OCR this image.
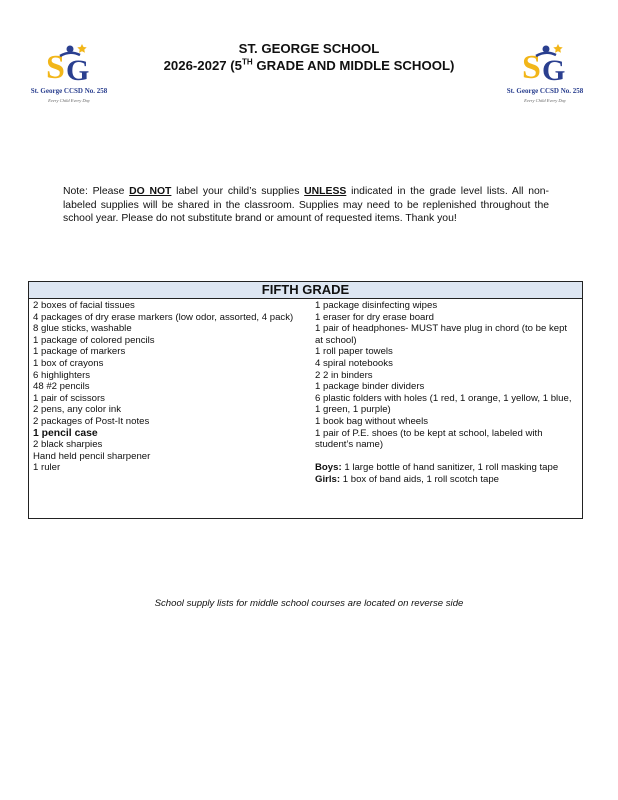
S G
St. George CCSD No. 258
Every Child Every Day
S G
St. George CCSD No. 258
Every Child Every Day
ST. GEORGE SCHOOL
2026-2027 (5TH GRADE AND MIDDLE SCHOOL)
Note: Please DO NOT label your child’s supplies UNLESS indicated in the grade level lists. All non-labeled supplies will be shared in the classroom. Supplies may need to be replenished throughout the school year. Please do not substitute brand or amount of requested items. Thank you!
FIFTH GRADE
2 boxes of facial tissues
4 packages of dry erase markers (low odor, assorted, 4 pack)
8 glue sticks, washable
1 package of colored pencils
1 package of markers
1 box of crayons
6 highlighters
48 #2 pencils
1 pair of scissors
2 pens, any color ink
2 packages of Post-It notes
1 pencil case
2 black sharpies
Hand held pencil sharpener
1 ruler
1 package disinfecting wipes
1 eraser for dry erase board
1 pair of headphones- MUST have plug in chord (to be kept at school)
1 roll paper towels
4 spiral notebooks
2 2 in binders
1 package binder dividers
6 plastic folders with holes (1 red, 1 orange, 1 yellow, 1 blue, 1 green, 1 purple)
1 book bag without wheels
1 pair of P.E. shoes (to be kept at school, labeled with student’s name)
Boys: 1 large bottle of hand sanitizer, 1 roll masking tape
Girls: 1 box of band aids, 1 roll scotch tape
School supply lists for middle school courses are located on reverse side
